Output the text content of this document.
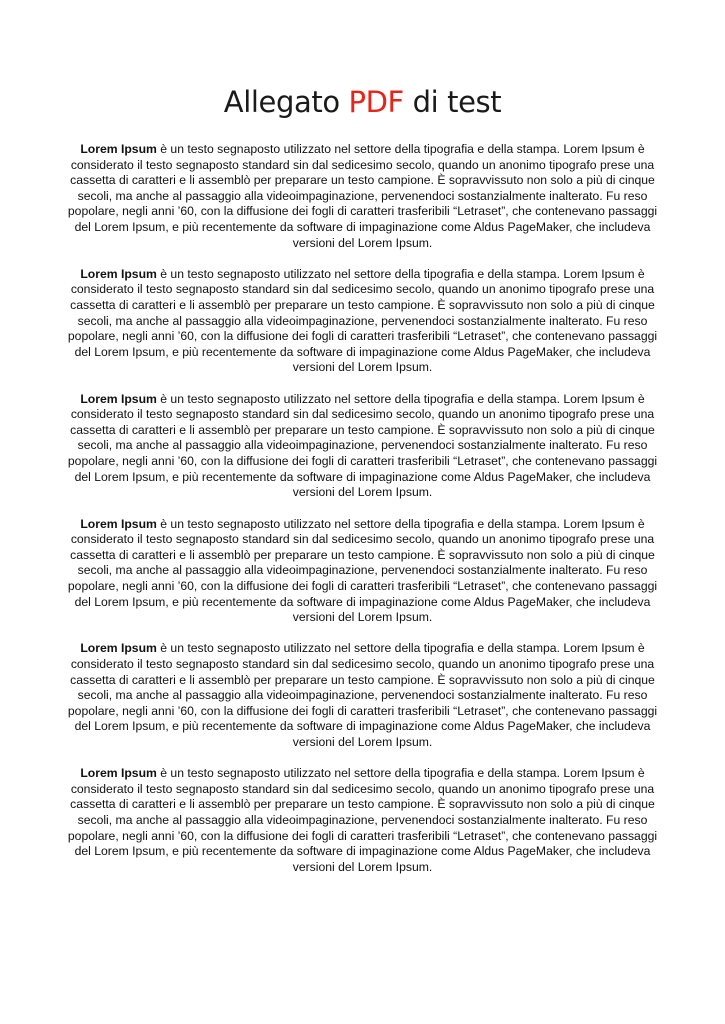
Allegato PDF di test

Lorem Ipsum è un testo segnaposto utilizzato nel settore della tipografia e della stampa. Lorem Ipsum è considerato il testo segnaposto standard sin dal sedicesimo secolo, quando un anonimo tipografo prese una cassetta di caratteri e li assemblò per preparare un testo campione. È sopravvissuto non solo a più di cinque secoli, ma anche al passaggio alla videoimpaginazione, pervenendoci sostanzialmente inalterato. Fu reso popolare, negli anni ’60, con la diffusione dei fogli di caratteri trasferibili “Letraset”, che contenevano passaggi del Lorem Ipsum, e più recentemente da software di impaginazione come Aldus PageMaker, che includeva versioni del Lorem Ipsum.

Lorem Ipsum è un testo segnaposto utilizzato nel settore della tipografia e della stampa. Lorem Ipsum è considerato il testo segnaposto standard sin dal sedicesimo secolo, quando un anonimo tipografo prese una cassetta di caratteri e li assemblò per preparare un testo campione. È sopravvissuto non solo a più di cinque secoli, ma anche al passaggio alla videoimpaginazione, pervenendoci sostanzialmente inalterato. Fu reso popolare, negli anni ’60, con la diffusione dei fogli di caratteri trasferibili “Letraset”, che contenevano passaggi del Lorem Ipsum, e più recentemente da software di impaginazione come Aldus PageMaker, che includeva versioni del Lorem Ipsum.

Lorem Ipsum è un testo segnaposto utilizzato nel settore della tipografia e della stampa. Lorem Ipsum è considerato il testo segnaposto standard sin dal sedicesimo secolo, quando un anonimo tipografo prese una cassetta di caratteri e li assemblò per preparare un testo campione. È sopravvissuto non solo a più di cinque secoli, ma anche al passaggio alla videoimpaginazione, pervenendoci sostanzialmente inalterato. Fu reso popolare, negli anni ’60, con la diffusione dei fogli di caratteri trasferibili “Letraset”, che contenevano passaggi del Lorem Ipsum, e più recentemente da software di impaginazione come Aldus PageMaker, che includeva versioni del Lorem Ipsum.

Lorem Ipsum è un testo segnaposto utilizzato nel settore della tipografia e della stampa. Lorem Ipsum è considerato il testo segnaposto standard sin dal sedicesimo secolo, quando un anonimo tipografo prese una cassetta di caratteri e li assemblò per preparare un testo campione. È sopravvissuto non solo a più di cinque secoli, ma anche al passaggio alla videoimpaginazione, pervenendoci sostanzialmente inalterato. Fu reso popolare, negli anni ’60, con la diffusione dei fogli di caratteri trasferibili “Letraset”, che contenevano passaggi del Lorem Ipsum, e più recentemente da software di impaginazione come Aldus PageMaker, che includeva versioni del Lorem Ipsum.

Lorem Ipsum è un testo segnaposto utilizzato nel settore della tipografia e della stampa. Lorem Ipsum è considerato il testo segnaposto standard sin dal sedicesimo secolo, quando un anonimo tipografo prese una cassetta di caratteri e li assemblò per preparare un testo campione. È sopravvissuto non solo a più di cinque secoli, ma anche al passaggio alla videoimpaginazione, pervenendoci sostanzialmente inalterato. Fu reso popolare, negli anni ’60, con la diffusione dei fogli di caratteri trasferibili “Letraset”, che contenevano passaggi del Lorem Ipsum, e più recentemente da software di impaginazione come Aldus PageMaker, che includeva versioni del Lorem Ipsum.

Lorem Ipsum è un testo segnaposto utilizzato nel settore della tipografia e della stampa. Lorem Ipsum è considerato il testo segnaposto standard sin dal sedicesimo secolo, quando un anonimo tipografo prese una cassetta di caratteri e li assemblò per preparare un testo campione. È sopravvissuto non solo a più di cinque secoli, ma anche al passaggio alla videoimpaginazione, pervenendoci sostanzialmente inalterato. Fu reso popolare, negli anni ’60, con la diffusione dei fogli di caratteri trasferibili “Letraset”, che contenevano passaggi del Lorem Ipsum, e più recentemente da software di impaginazione come Aldus PageMaker, che includeva versioni del Lorem Ipsum.
